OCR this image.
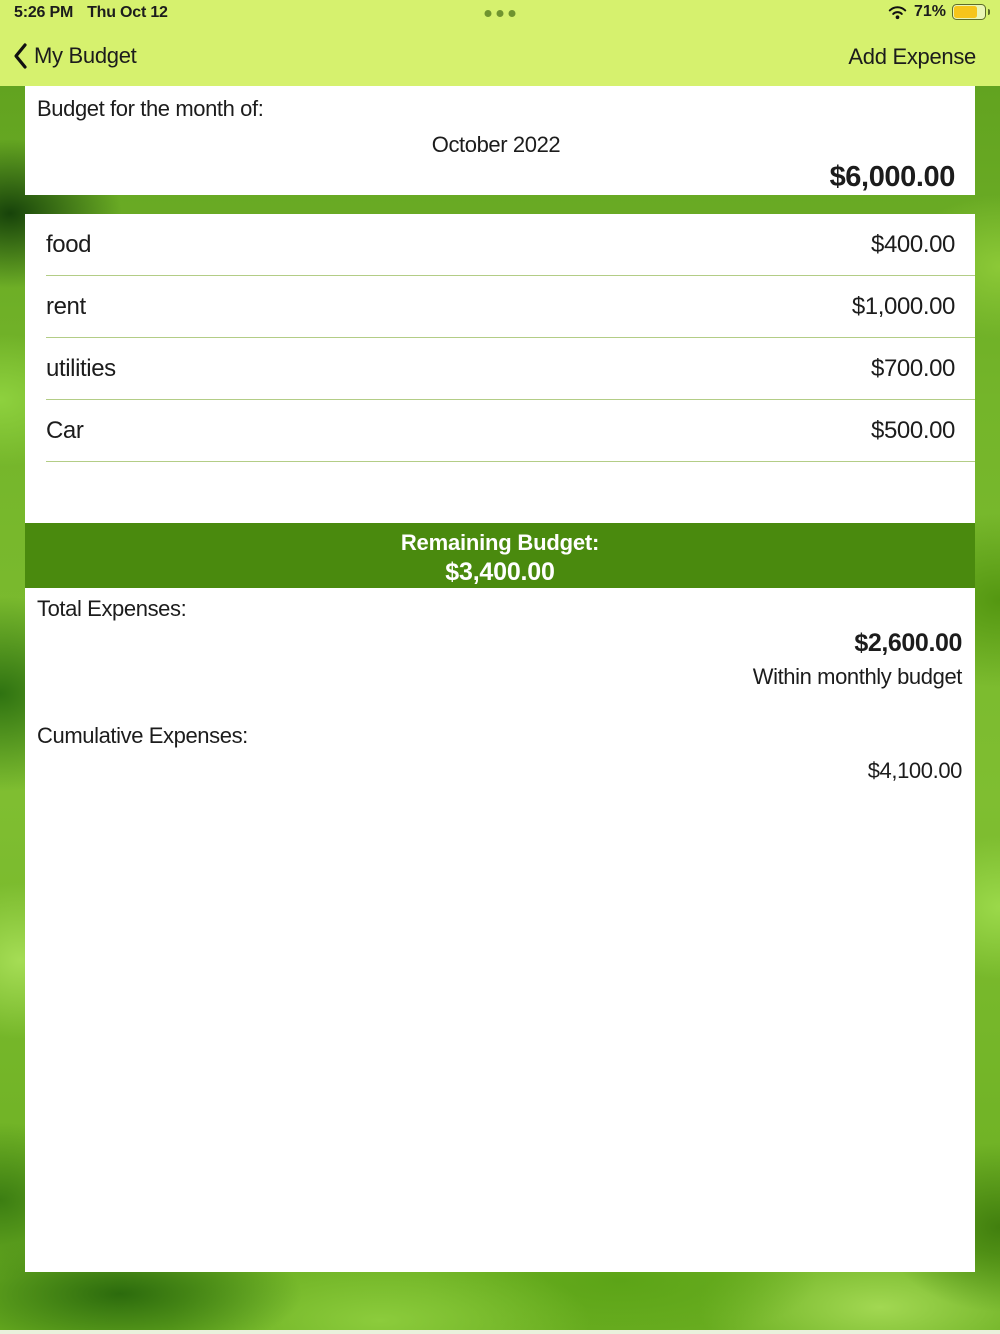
5:26 PM Thu Oct 12	71%
My Budget	Add Expense
Budget for the month of:
October 2022
$6,000.00
food	$400.00
rent	$1,000.00
utilities	$700.00
Car	$500.00
Remaining Budget:
$3,400.00
Total Expenses:
$2,600.00
Within monthly budget
Cumulative Expenses:
$4,100.00
